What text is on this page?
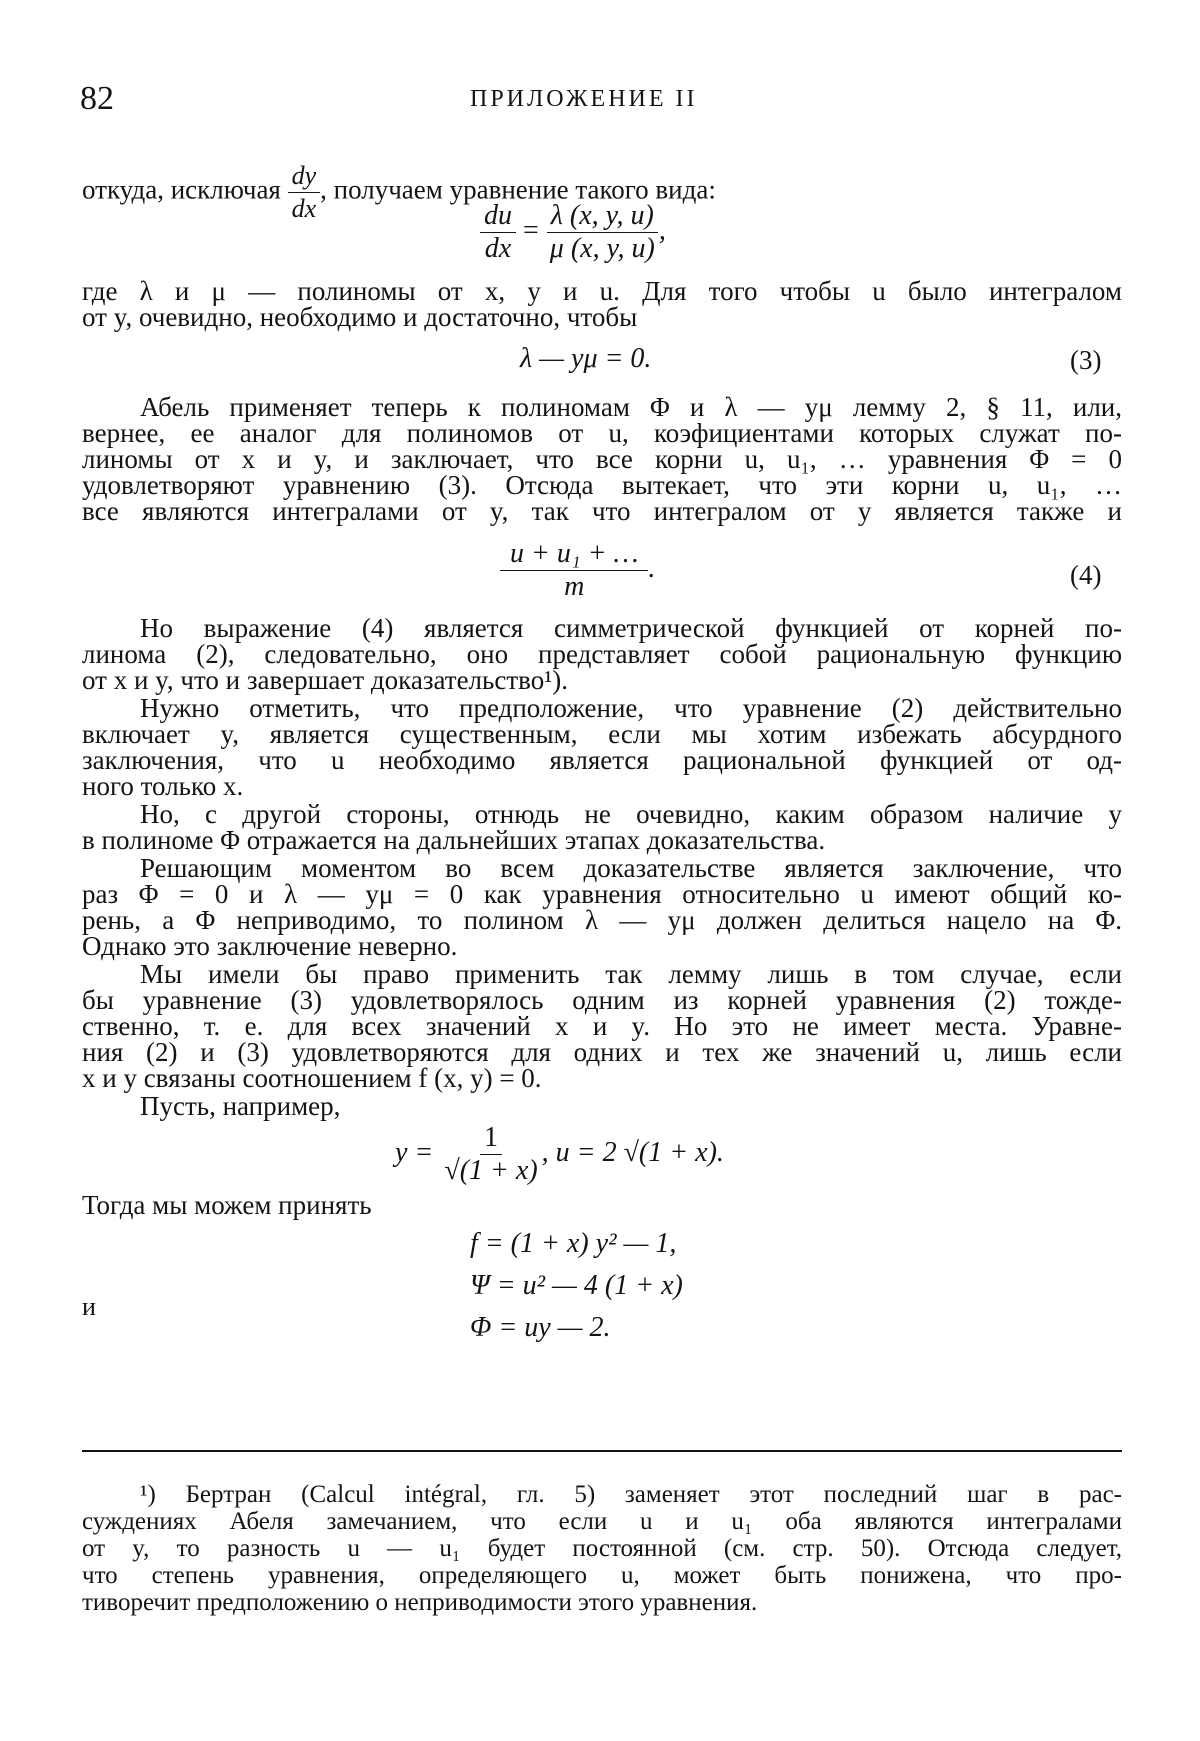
82	ПРИЛОЖЕНИЕ II
откуда, исключая dy
dx
, получаем уравнение такого вида:
du
dx
= λ (x, y, u)
μ (x, y, u)
,
где λ и μ — полиномы от x, y и u. Для того чтобы u было интегралом
от y, очевидно, необходимо и достаточно, чтобы
λ — yμ = 0.	(3)
Абель применяет теперь к полиномам Φ и λ — yμ лемму 2, § 11, или,
вернее, ее аналог для полиномов от u, коэфициентами которых служат по-
линомы от x и y, и заключает, что все корни u, u₁, … уравнения Φ = 0
удовлетворяют уравнению (3). Отсюда вытекает, что эти корни u, u₁, …
все являются интегралами от y, так что интегралом от y является также и
u + u₁ + …
m
.	(4)
Но выражение (4) является симметрической функцией от корней по-
линома (2), следовательно, оно представляет собой рациональную функцию
от x и y, что и завершает доказательство¹).
Нужно отметить, что предположение, что уравнение (2) действительно
включает y, является существенным, если мы хотим избежать абсурдного
заключения, что u необходимо является рациональной функцией от од-
ного только x.
Но, с другой стороны, отнюдь не очевидно, каким образом наличие y
в полиноме Φ отражается на дальнейших этапах доказательства.
Решающим моментом во всем доказательстве является заключение, что
раз Φ = 0 и λ — yμ = 0 как уравнения относительно u имеют общий ко-
рень, а Φ неприводимо, то полином λ — yμ должен делиться нацело на Φ.
Однако это заключение неверно.
Мы имели бы право применить так лемму лишь в том случае, если
бы уравнение (3) удовлетворялось одним из корней уравнения (2) тожде-
ственно, т. е. для всех значений x и y. Но это не имеет места. Уравне-
ния (2) и (3) удовлетворяются для одних и тех же значений u, лишь если
x и y связаны соотношением f (x, y) = 0.
Пусть, например,
y = 1
√(1 + x)
, u = 2 √(1 + x).
Тогда мы можем принять
f = (1 + x) y² — 1,
Ψ = u² — 4 (1 + x)
и
Φ = uy — 2.
¹) Бертран (Calcul intégral, гл. 5) заменяет этот последний шаг в рас-
суждениях Абеля замечанием, что если u и u₁ оба являются интегралами
от y, то разность u — u₁ будет постоянной (см. стр. 50). Отсюда следует,
что степень уравнения, определяющего u, может быть понижена, что про-
тиворечит предположению о неприводимости этого уравнения.
